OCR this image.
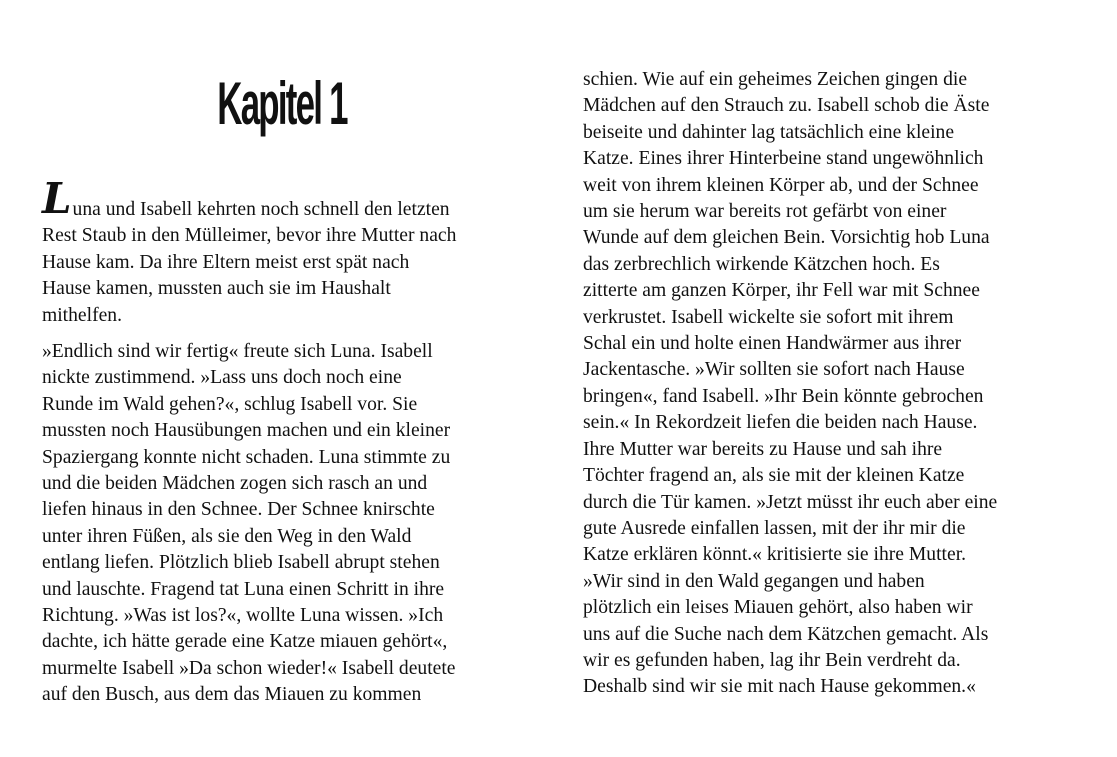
Kapitel 1
Luna und Isabell kehrten noch schnell den letzten
Rest Staub in den Mülleimer, bevor ihre Mutter nach
Hause kam. Da ihre Eltern meist erst spät nach
Hause kamen, mussten auch sie im Haushalt
mithelfen.
»Endlich sind wir fertig« freute sich Luna. Isabell
nickte zustimmend. »Lass uns doch noch eine
Runde im Wald gehen?«, schlug Isabell vor. Sie
mussten noch Hausübungen machen und ein kleiner
Spaziergang konnte nicht schaden. Luna stimmte zu
und die beiden Mädchen zogen sich rasch an und
liefen hinaus in den Schnee. Der Schnee knirschte
unter ihren Füßen, als sie den Weg in den Wald
entlang liefen. Plötzlich blieb Isabell abrupt stehen
und lauschte. Fragend tat Luna einen Schritt in ihre
Richtung. »Was ist los?«, wollte Luna wissen. »Ich
dachte, ich hätte gerade eine Katze miauen gehört«,
murmelte Isabell »Da schon wieder!« Isabell deutete
auf den Busch, aus dem das Miauen zu kommen
schien. Wie auf ein geheimes Zeichen gingen die
Mädchen auf den Strauch zu. Isabell schob die Äste
beiseite und dahinter lag tatsächlich eine kleine
Katze. Eines ihrer Hinterbeine stand ungewöhnlich
weit von ihrem kleinen Körper ab, und der Schnee
um sie herum war bereits rot gefärbt von einer
Wunde auf dem gleichen Bein. Vorsichtig hob Luna
das zerbrechlich wirkende Kätzchen hoch. Es
zitterte am ganzen Körper, ihr Fell war mit Schnee
verkrustet. Isabell wickelte sie sofort mit ihrem
Schal ein und holte einen Handwärmer aus ihrer
Jackentasche. »Wir sollten sie sofort nach Hause
bringen«, fand Isabell. »Ihr Bein könnte gebrochen
sein.« In Rekordzeit liefen die beiden nach Hause.
Ihre Mutter war bereits zu Hause und sah ihre
Töchter fragend an, als sie mit der kleinen Katze
durch die Tür kamen. »Jetzt müsst ihr euch aber eine
gute Ausrede einfallen lassen, mit der ihr mir die
Katze erklären könnt.« kritisierte sie ihre Mutter.
»Wir sind in den Wald gegangen und haben
plötzlich ein leises Miauen gehört, also haben wir
uns auf die Suche nach dem Kätzchen gemacht. Als
wir es gefunden haben, lag ihr Bein verdreht da.
Deshalb sind wir sie mit nach Hause gekommen.«
